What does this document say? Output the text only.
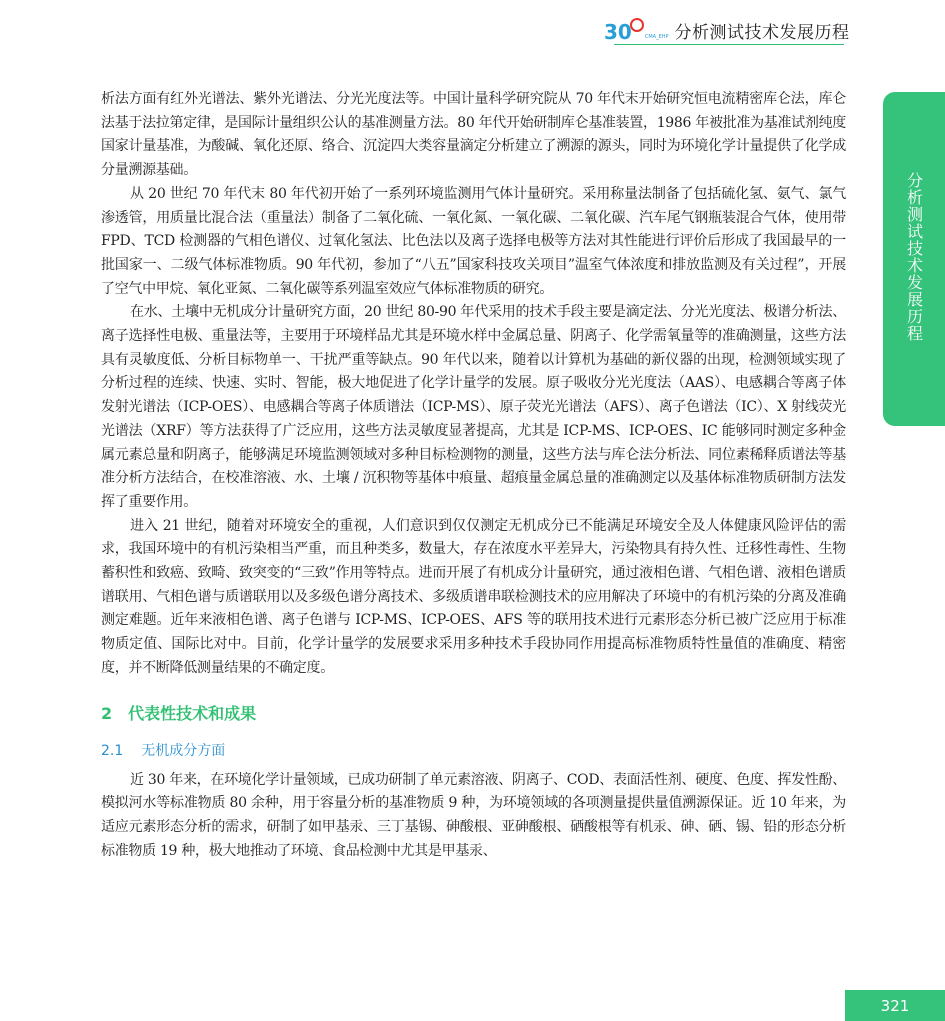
30	CMA_EHP 分析测试技术发展历程
分析测试技术发展历程

析法方面有红外光谱法、紫外光谱法、分光光度法等。中国计量科学研究院从 70 年代末开始研究恒电流精密库仑法，库仑法基于法拉第定律，是国际计量组织公认的基准测量方法。80 年代开始研制库仑基准装置，1986 年被批准为基准试剂纯度国家计量基准，为酸碱、氧化还原、络合、沉淀四大类容量滴定分析建立了溯源的源头，同时为环境化学计量提供了化学成分量溯源基础。

从 20 世纪 70 年代末 80 年代初开始了一系列环境监测用气体计量研究。采用称量法制备了包括硫化氢、氨气、氯气渗透管，用质量比混合法（重量法）制备了二氧化硫、一氧化氮、一氧化碳、二氧化碳、汽车尾气钢瓶装混合气体，使用带 FPD、TCD 检测器的气相色谱仪、过氧化氢法、比色法以及离子选择电极等方法对其性能进行评价后形成了我国最早的一批国家一、二级气体标准物质。90 年代初，参加了“八五”国家科技攻关项目”温室气体浓度和排放监测及有关过程”，开展了空气中甲烷、氧化亚氮、二氧化碳等系列温室效应气体标准物质的研究。

在水、土壤中无机成分计量研究方面，20 世纪 80-90 年代采用的技术手段主要是滴定法、分光光度法、极谱分析法、离子选择性电极、重量法等，主要用于环境样品尤其是环境水样中金属总量、阴离子、化学需氧量等的准确测量，这些方法具有灵敏度低、分析目标物单一、干扰严重等缺点。90 年代以来，随着以计算机为基础的新仪器的出现，检测领域实现了分析过程的连续、快速、实时、智能，极大地促进了化学计量学的发展。原子吸收分光光度法（AAS）、电感耦合等离子体发射光谱法（ICP-OES）、电感耦合等离子体质谱法（ICP-MS）、原子荧光光谱法（AFS）、离子色谱法（IC）、X 射线荧光光谱法（XRF）等方法获得了广泛应用，这些方法灵敏度显著提高，尤其是 ICP-MS、ICP-OES、IC 能够同时测定多种金属元素总量和阴离子，能够满足环境监测领域对多种目标检测物的测量，这些方法与库仑法分析法、同位素稀释质谱法等基准分析方法结合，在校准溶液、水、土壤 / 沉积物等基体中痕量、超痕量金属总量的准确测定以及基体标准物质研制方法发挥了重要作用。

进入 21 世纪，随着对环境安全的重视，人们意识到仅仅测定无机成分已不能满足环境安全及人体健康风险评估的需求，我国环境中的有机污染相当严重，而且种类多，数量大，存在浓度水平差异大，污染物具有持久性、迁移性毒性、生物蓄积性和致癌、致畸、致突变的“三致”作用等特点。进而开展了有机成分计量研究，通过液相色谱、气相色谱、液相色谱质谱联用、气相色谱与质谱联用以及多级色谱分离技术、多级质谱串联检测技术的应用解决了环境中的有机污染的分离及准确测定难题。近年来液相色谱、离子色谱与 ICP-MS、ICP-OES、AFS 等的联用技术进行元素形态分析已被广泛应用于标准物质定值、国际比对中。目前，化学计量学的发展要求采用多种技术手段协同作用提高标准物质特性量值的准确度、精密度，并不断降低测量结果的不确定度。

2 代表性技术和成果
2.1 无机成分方面

近 30 年来，在环境化学计量领域，已成功研制了单元素溶液、阴离子、COD、表面活性剂、硬度、色度、挥发性酚、模拟河水等标准物质 80 余种，用于容量分析的基准物质 9 种，为环境领域的各项测量提供量值溯源保证。近 10 年来，为适应元素形态分析的需求，研制了如甲基汞、三丁基锡、砷酸根、亚砷酸根、硒酸根等有机汞、砷、硒、锡、铅的形态分析标准物质 19 种，极大地推动了环境、食品检测中尤其是甲基汞、

321
